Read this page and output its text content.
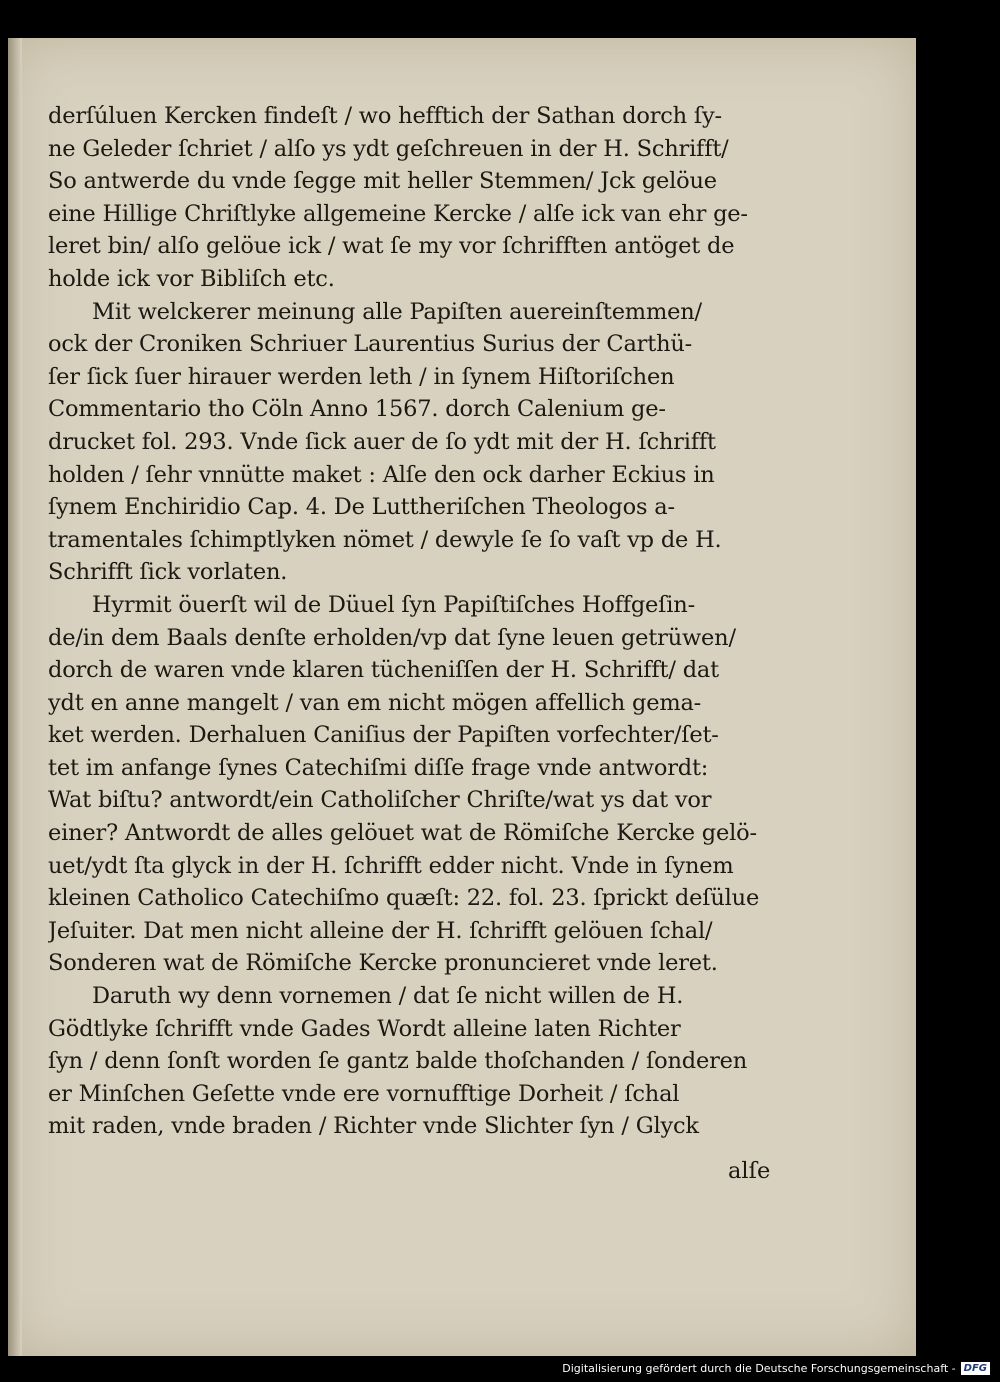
derſúluen Kercken findeſt / wo hefftich der Sathan dorch ſy-
ne Geleder ſchriet / alſo ys ydt geſchreuen in der H. Schrifft/
So antwerde du vnde ſegge mit heller Stemmen/ Jck gelöue
eine Hillige Chriſtlyke allgemeine Kercke / alſe ick van ehr ge-
leret bin/ alſo gelöue ick / wat ſe my vor ſchrifften antöget de
holde ick vor Bibliſch etc.
Mit welckerer meinung alle Papiſten auereinſtemmen/
ock der Croniken Schriuer Laurentius Surius der Carthü-
ſer ſick ſuer hirauer werden leth / in ſynem Hiſtoriſchen
Commentario tho Cöln Anno 1567. dorch Calenium ge-
drucket fol. 293. Vnde ſick auer de ſo ydt mit der H. ſchrifft
holden / ſehr vnnütte maket : Alſe den ock darher Eckius in
ſynem Enchiridio Cap. 4. De Luttheriſchen Theologos a-
tramentales ſchimptlyken nömet / dewyle ſe ſo vaſt vp de H.
Schrifft ſick vorlaten.
Hyrmit öuerſt wil de Düuel ſyn Papiſtiſches Hoffgeſin-
de/in dem Baals denſte erholden/vp dat ſyne leuen getrüwen/
dorch de waren vnde klaren tücheniſſen der H. Schrifft/ dat
ydt en anne mangelt / van em nicht mögen affellich gema-
ket werden. Derhaluen Caniſius der Papiſten vorfechter/ſet-
tet im anfange ſynes Catechiſmi diſſe frage vnde antwordt:
Wat biſtu? antwordt/ein Catholiſcher Chriſte/wat ys dat vor
einer? Antwordt de alles gelöuet wat de Römiſche Kercke gelö-
uet/ydt ſta glyck in der H. ſchrifft edder nicht. Vnde in ſynem
kleinen Catholico Catechiſmo quæſt: 22. fol. 23. ſprickt deſülue
Jeſuiter. Dat men nicht alleine der H. ſchrifft gelöuen ſchal/
Sonderen wat de Römiſche Kercke pronuncieret vnde leret.
Daruth wy denn vornemen / dat ſe nicht willen de H.
Gödtlyke ſchrifft vnde Gades Wordt alleine laten Richter
ſyn / denn ſonſt worden ſe gantz balde thoſchanden / ſonderen
er Minſchen Geſette vnde ere vornufftige Dorheit / ſchal
mit raden, vnde braden / Richter vnde Slichter ſyn / Glyck
alſe
Digitalisierung gefördert durch die Deutsche Forschungsgemeinschaft - DFG
